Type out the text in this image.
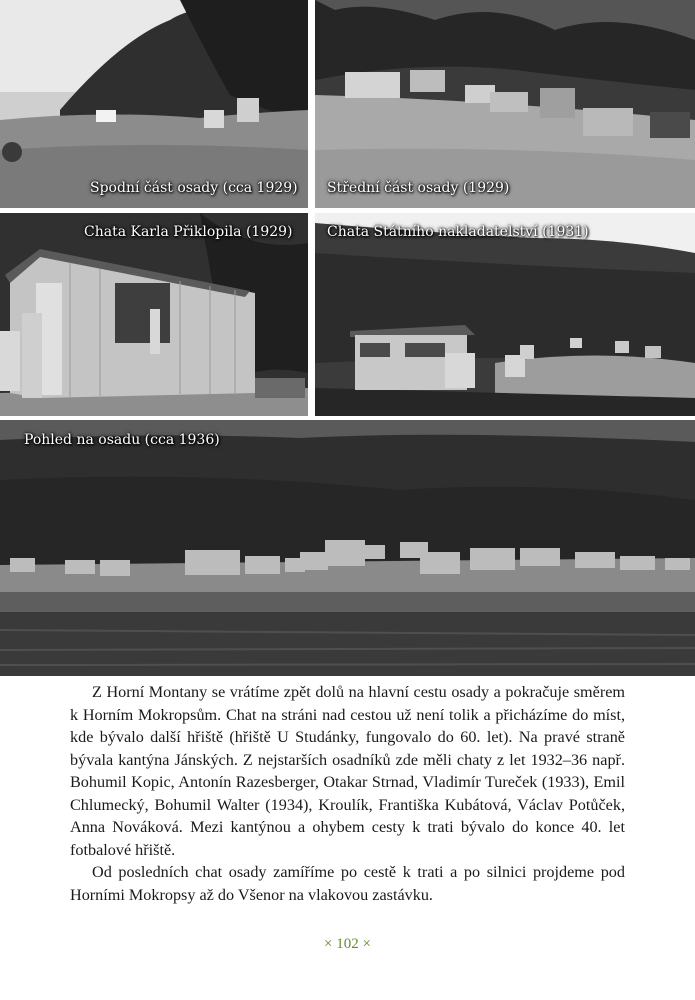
Spodní část osady (cca 1929) Střední část osady (1929)
Chata Karla Přiklopila (1929) Chata Státního nakladatelství (1931)
Pohled na osadu (cca 1936)

Z Horní Montany se vrátíme zpět dolů na hlavní cestu osady a pokračuje směrem k Horním Mokropsům. Chat na stráni nad cestou už není tolik a přicházíme do míst, kde bývalo další hřiště (hřiště U Studánky, fungovalo do 60. let). Na pravé straně bývala kantýna Jánských. Z nejstarších osadníků zde měli chaty z let 1932–36 např. Bohumil Kopic, Antonín Razesberger, Otakar Strnad, Vladimír Tureček (1933), Emil Chlumecký, Bohumil Walter (1934), Kroulík, Františka Kubátová, Václav Potůček, Anna Nováková. Mezi kantýnou a ohybem cesty k trati bývalo do konce 40. let fotbalové hřiště.

Od posledních chat osady zamíříme po cestě k trati a po silnici projdeme pod Horními Mokropsy až do Všenor na vlakovou zastávku.

× 102 ×
